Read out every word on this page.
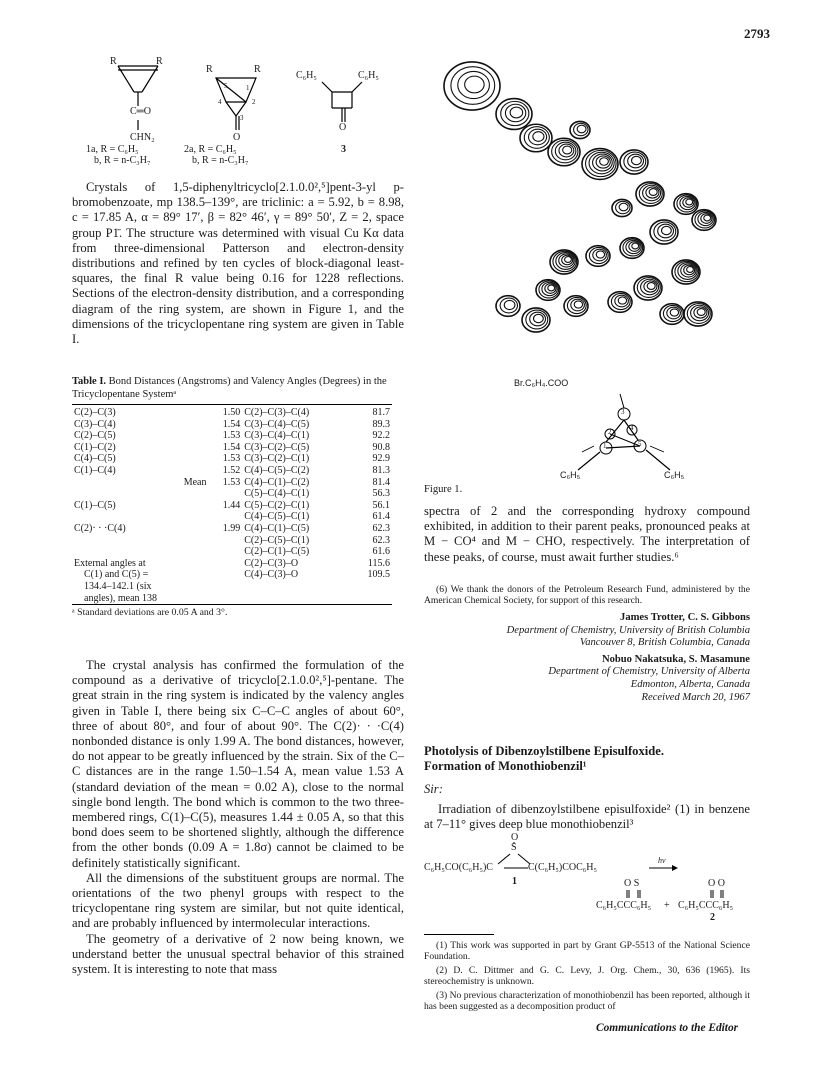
2793
R	R
C═O
CHN₂
1a, R = C₆H₅
b, R = n-C₃H₇
R	R
1
2
3
4
5
O
2a, R = C₆H₅
b, R = n-C₃H₇
C₆H₅	C₆H₅
O
3

Crystals of 1,5-diphenyltricyclo[2.1.0.0²,⁵]pent-3-yl p-bromobenzoate, mp 138.5–139°, are triclinic: a = 5.92, b = 8.98, c = 17.85 A, α = 89° 17′, β = 82° 46′, γ = 89° 50′, Z = 2, space group P1̄. The structure was determined with visual Cu Kα data from three-dimensional Patterson and electron-density distributions and refined by ten cycles of block-diagonal least-squares, the final R value being 0.16 for 1228 reflections. Sections of the electron-density distribution, and a corresponding diagram of the ring system, are shown in Figure 1, and the dimensions of the tricyclopentane ring system are given in Table I.

Table I. Bond Distances (Angstroms) and Valency Angles (Degrees) in the Tricyclopentane Systemᵃ
C(2)–C(3)	1.50	C(2)–C(3)–C(4)	81.7
C(3)–C(4)	1.54	C(3)–C(4)–C(5)	89.3
C(2)–C(5)	1.53	C(3)–C(4)–C(1)	92.2
C(1)–C(2)	1.54	C(3)–C(2)–C(5)	90.8
C(4)–C(5)	1.53	C(3)–C(2)–C(1)	92.9
C(1)–C(4)	1.52	C(4)–C(5)–C(2)	81.3
Mean	1.53	C(4)–C(1)–C(2)	81.4
		C(5)–C(4)–C(1)	56.3
C(1)–C(5)	1.44	C(5)–C(2)–C(1)	56.1
		C(4)–C(5)–C(1)	61.4
C(2)· · ·C(4)	1.99	C(4)–C(1)–C(5)	62.3
		C(2)–C(5)–C(1)	62.3
		C(2)–C(1)–C(5)	61.6
External angles at		C(2)–C(3)–O	115.6
C(1) and C(5) =		C(4)–C(3)–O	109.5
134.4–142.1 (six			
angles), mean 138			
ᵃ Standard deviations are 0.05 A and 3°.

The crystal analysis has confirmed the formulation of the compound as a derivative of tricyclo[2.1.0.0²,⁵]-pentane. The great strain in the ring system is indicated by the valency angles given in Table I, there being six C–C–C angles of about 60°, three of about 80°, and four of about 90°. The C(2)· · ·C(4) nonbonded distance is only 1.99 A. The bond distances, however, do not appear to be greatly influenced by the strain. Six of the C–C distances are in the range 1.50–1.54 A, mean value 1.53 A (standard deviation of the mean = 0.02 A), close to the normal single bond length. The bond which is common to the two three-membered rings, C(1)–C(5), measures 1.44 ± 0.05 A, so that this bond does seem to be shortened slightly, although the difference from the other bonds (0.09 A = 1.8σ) cannot be claimed to be definitely statistically significant.

All the dimensions of the substituent groups are normal. The orientations of the two phenyl groups with respect to the tricyclopentane ring system are similar, but not quite identical, and are probably influenced by intermolecular interactions.

The geometry of a derivative of 2 now being known, we understand better the unusual spectral behavior of this strained system. It is interesting to note that mass

Br.C₆H₄.COO
C₆H₅	C₆H₅
1
2
3
4
5
Figure 1.

spectra of 2 and the corresponding hydroxy compound exhibited, in addition to their parent peaks, pronounced peaks at M − CO⁴ and M − CHO, respectively. The interpretation of these peaks, of course, must await further studies.⁶

(6) We thank the donors of the Petroleum Research Fund, administered by the American Chemical Society, for support of this research.

James Trotter, C. S. Gibbons
Department of Chemistry, University of British Columbia
Vancouver 8, British Columbia, Canada
Nobuo Nakatsuka, S. Masamune
Department of Chemistry, University of Alberta
Edmonton, Alberta, Canada
Received March 20, 1967
Photolysis of Dibenzoylstilbene Episulfoxide.
Formation of Monothiobenzil¹
Sir:

Irradiation of dibenzoylstilbene episulfoxide² (1) in benzene at 7–11° gives deep blue monothiobenzil³

O
S
C₆H₅CO(C₆H₅)C	C(C₆H₅)COC₆H₅
hν
1	O S	O O
C₆H₅CCC₆H₅ + C₆H₅CCC₆H₅
2

(1) This work was supported in part by Grant GP-5513 of the National Science Foundation.

(2) D. C. Dittmer and G. C. Levy, J. Org. Chem., 30, 636 (1965). Its stereochemistry is unknown.

(3) No previous characterization of monothiobenzil has been reported, although it has been suggested as a decomposition product of

Communications to the Editor
